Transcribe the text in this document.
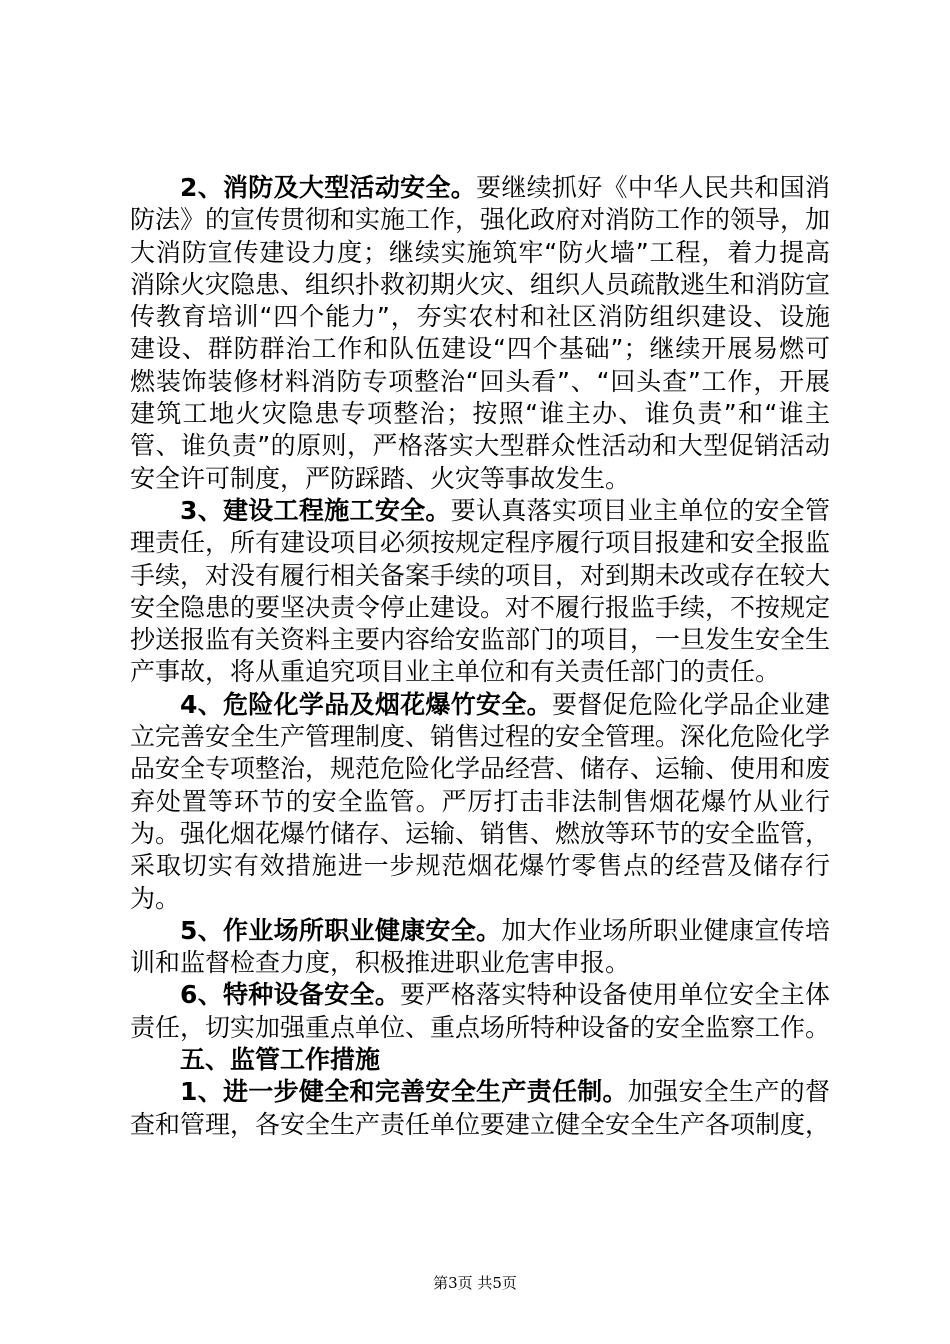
2、消防及大型活动安全。要继续抓好《中华人民共和国消防法》的宣传贯彻和实施工作，强化政府对消防工作的领导，加大消防宣传建设力度；继续实施筑牢“防火墙”工程，着力提高消除火灾隐患、组织扑救初期火灾、组织人员疏散逃生和消防宣传教育培训“四个能力”，夯实农村和社区消防组织建设、设施建设、群防群治工作和队伍建设“四个基础”；继续开展易燃可燃装饰装修材料消防专项整治“回头看”、“回头查”工作，开展建筑工地火灾隐患专项整治；按照“谁主办、谁负责”和“谁主管、谁负责”的原则，严格落实大型群众性活动和大型促销活动安全许可制度，严防踩踏、火灾等事故发生。

3、建设工程施工安全。要认真落实项目业主单位的安全管理责任，所有建设项目必须按规定程序履行项目报建和安全报监手续，对没有履行相关备案手续的项目，对到期未改或存在较大安全隐患的要坚决责令停止建设。对不履行报监手续，不按规定抄送报监有关资料主要内容给安监部门的项目，一旦发生安全生产事故，将从重追究项目业主单位和有关责任部门的责任。

4、危险化学品及烟花爆竹安全。要督促危险化学品企业建立完善安全生产管理制度、销售过程的安全管理。深化危险化学品安全专项整治，规范危险化学品经营、储存、运输、使用和废弃处置等环节的安全监管。严厉打击非法制售烟花爆竹从业行为。强化烟花爆竹储存、运输、销售、燃放等环节的安全监管，采取切实有效措施进一步规范烟花爆竹零售点的经营及储存行为。

5、作业场所职业健康安全。加大作业场所职业健康宣传培训和监督检查力度，积极推进职业危害申报。

6、特种设备安全。要严格落实特种设备使用单位安全主体责任，切实加强重点单位、重点场所特种设备的安全监察工作。

五、监管工作措施

1、进一步健全和完善安全生产责任制。加强安全生产的督查和管理，各安全生产责任单位要建立健全安全生产各项制度，

第3页 共5页
